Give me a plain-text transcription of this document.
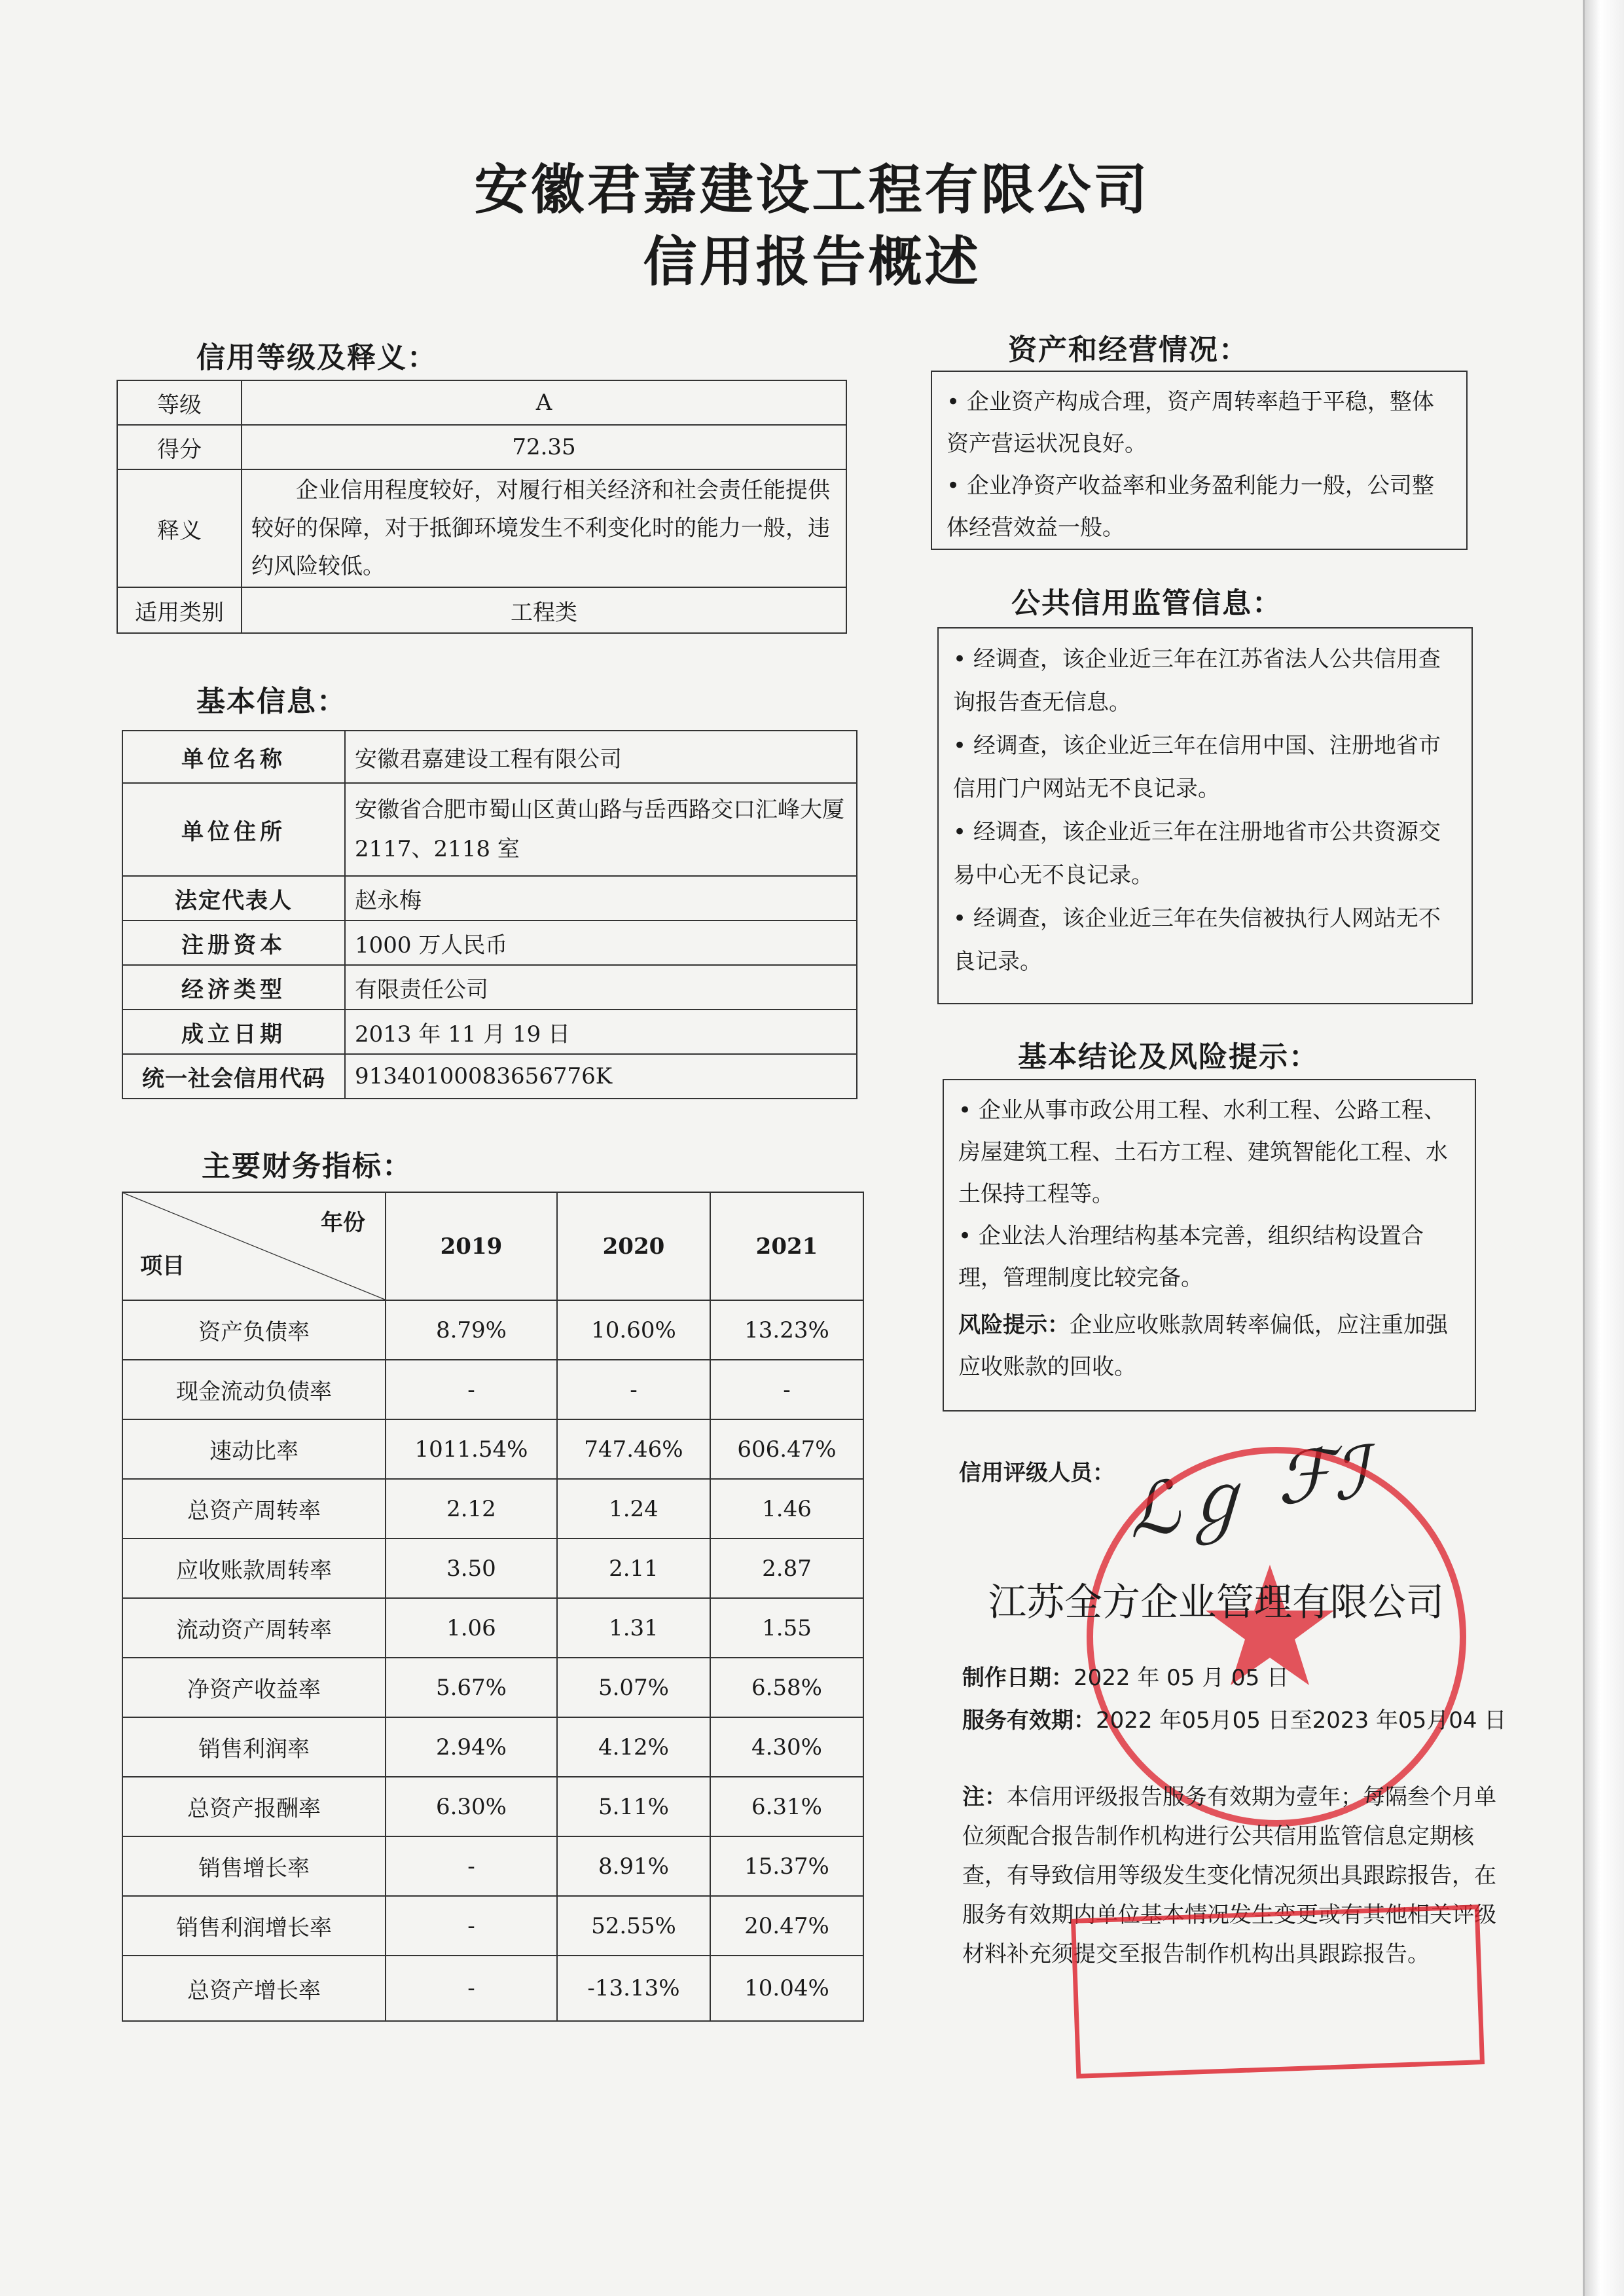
安徽君嘉建设工程有限公司
信用报告概述
信用等级及释义：
等级	A
得分	72.35
释义	企业信用程度较好，对履行相关经济和社会责任能提供较好的保障，对于抵御环境发生不利变化时的能力一般，违约风险较低。
适用类别	工程类
基本信息：
单位名称	安徽君嘉建设工程有限公司
单位住所	安徽省合肥市蜀山区黄山路与岳西路交口汇峰大厦 2117、2118 室
法定代表人	赵永梅
注册资本	1000 万人民币
经济类型	有限责任公司
成立日期	2013 年 11 月 19 日
统一社会信用代码	91340100083656776K
主要财务指标：
年份
项目	2019	2020	2021
资产负债率	8.79%	10.60%	13.23%
现金流动负债率	-	-	-
速动比率	1011.54%	747.46%	606.47%
总资产周转率	2.12	1.24	1.46
应收账款周转率	3.50	2.11	2.87
流动资产周转率	1.06	1.31	1.55
净资产收益率	5.67%	5.07%	6.58%
销售利润率	2.94%	4.12%	4.30%
总资产报酬率	6.30%	5.11%	6.31%
销售增长率	-	8.91%	15.37%
销售利润增长率	-	52.55%	20.47%
总资产增长率	-	-13.13%	10.04%
资产和经营情况：

• 企业资产构成合理，资产周转率趋于平稳，整体资产营运状况良好。

• 企业净资产收益率和业务盈利能力一般，公司整体经营效益一般。

公共信用监管信息：

• 经调查，该企业近三年在江苏省法人公共信用查询报告查无信息。

• 经调查，该企业近三年在信用中国、注册地省市信用门户网站无不良记录。

• 经调查，该企业近三年在注册地省市公共资源交易中心无不良记录。

• 经调查，该企业近三年在失信被执行人网站无不良记录。

基本结论及风险提示：

• 企业从事市政公用工程、水利工程、公路工程、房屋建筑工程、土石方工程、建筑智能化工程、水土保持工程等。

• 企业法人治理结构基本完善，组织结构设置合理，管理制度比较完备。

风险提示：企业应收账款周转率偏低，应注重加强应收账款的回收。

信用评级人员： ℒℊ ℱℐ
江苏全方企业管理有限公司
制作日期：2022 年 05 月 05 日
服务有效期：2022 年05月05 日至2023 年05月04 日
注：本信用评级报告服务有效期为壹年；每隔叁个月单位须配合报告制作机构进行公共信用监管信息定期核查，有导致信用等级发生变化情况须出具跟踪报告，在服务有效期内单位基本情况发生变更或有其他相关评级材料补充须提交至报告制作机构出具跟踪报告。
